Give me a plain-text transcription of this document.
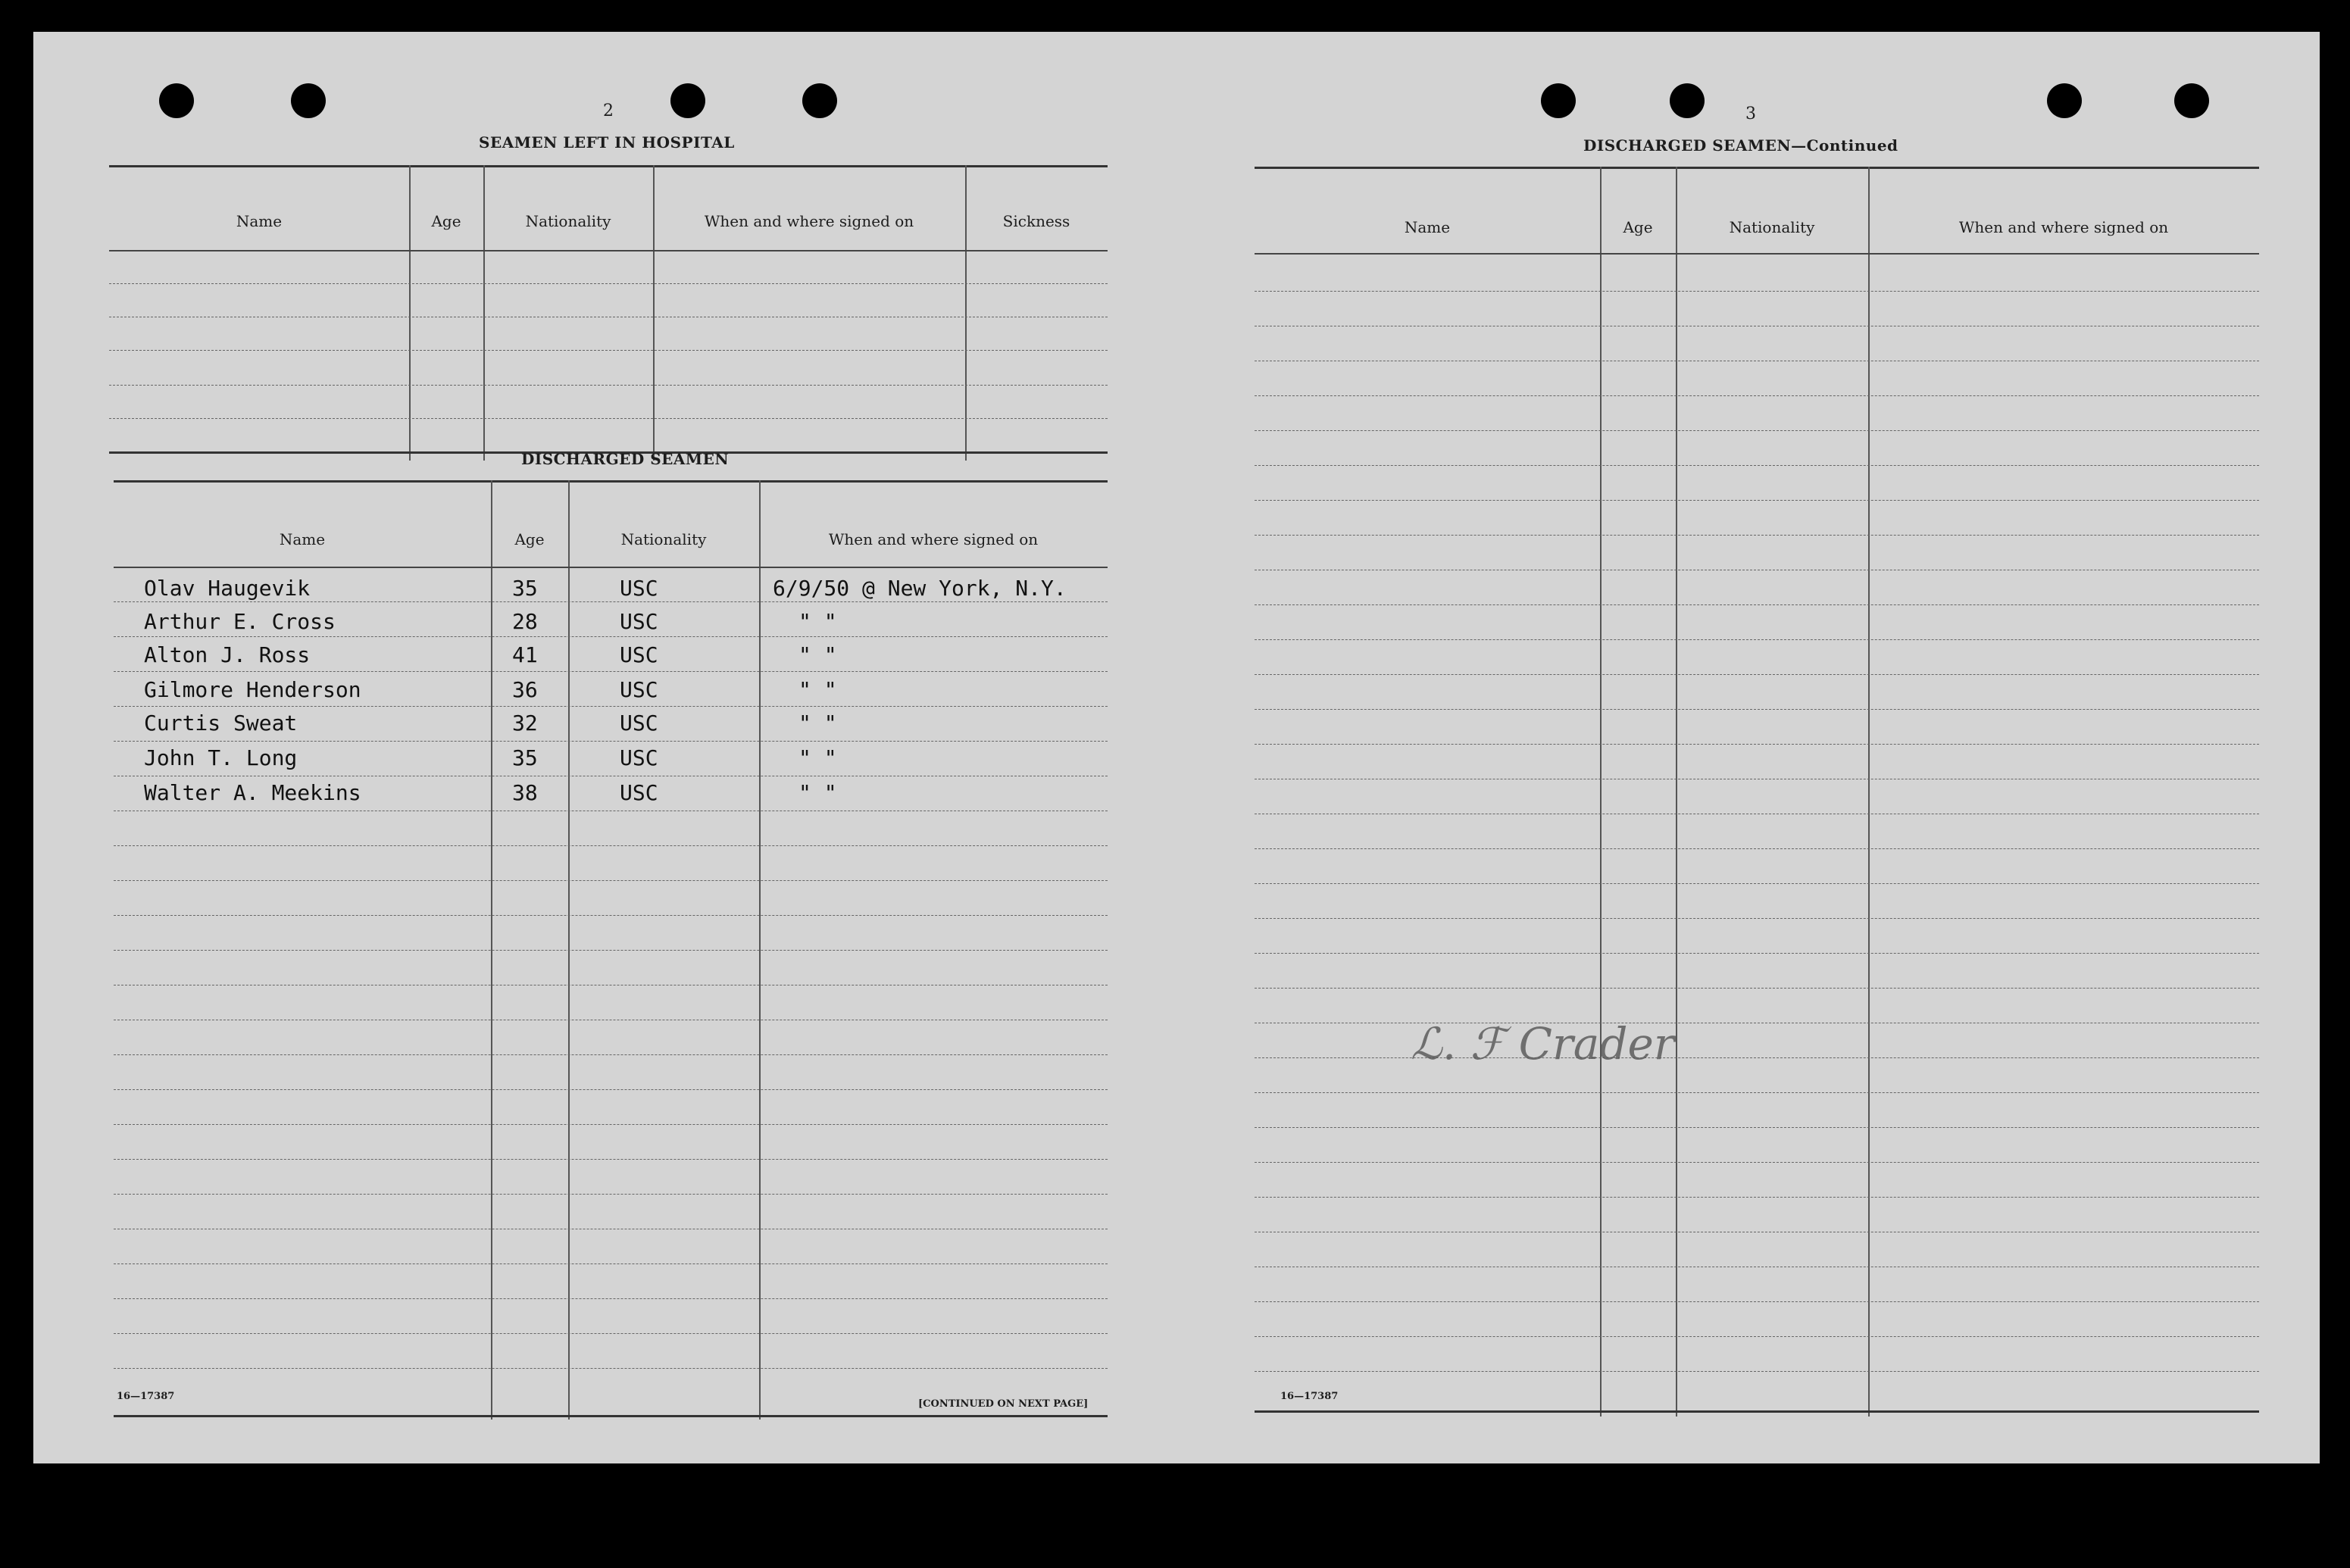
2
SEAMEN LEFT IN HOSPITAL
Name	Age	Nationality	When and where signed on	Sickness
DISCHARGED SEAMEN
Name	Age	Nationality	When and where signed on
Olav Haugevik	35	USC	6/9/50 @ New York, N.Y.
Arthur E. Cross	28	USC	" "
Alton J. Ross	41	USC	" "
Gilmore Henderson	36	USC	" "
Curtis Sweat	32	USC	" "
John T. Long	35	USC	" "
Walter A. Meekins	38	USC	" "
16—17387
[CONTINUED ON NEXT PAGE]
3
DISCHARGED SEAMEN—Continued
Name	Age	Nationality	When and where signed on
ℒ. ℱ Crader
16—17387
